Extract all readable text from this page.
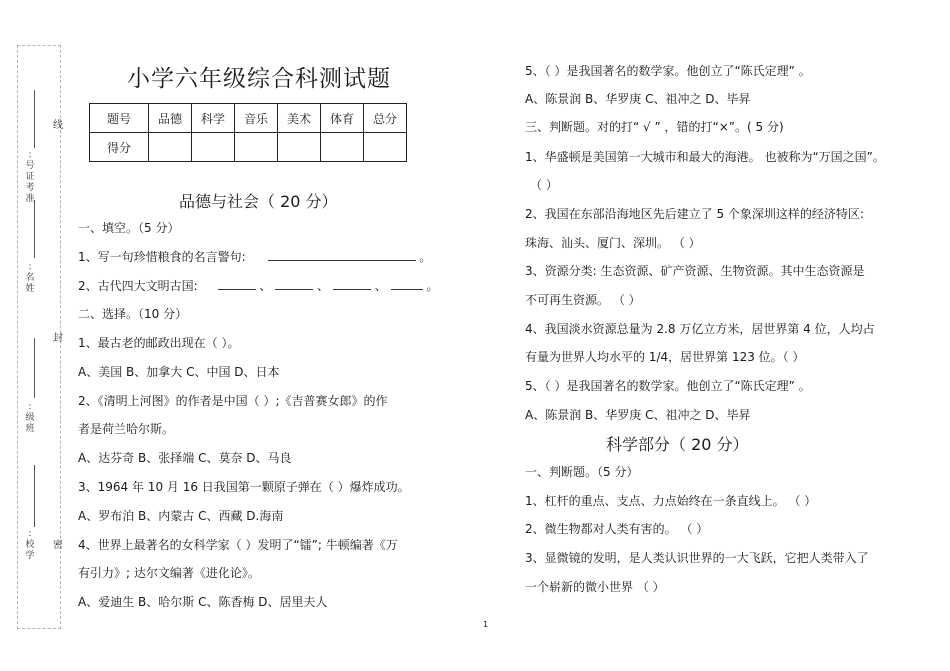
线
封
密
:号证考准
:名姓
:级班
:校学
小学六年级综合科测试题
题号	品德	科学	音乐	美术	体育	总分
得分						
品德与社会（ 20 分）
一、填空。（5 分）
1、写一句珍惜粮食的名言警句:	。
2、古代四大文明古国:	、	、	、	。
二、选择。（10 分）
1、最古老的邮政出现在（ ）。
A、美国 B、加拿大 C、中国 D、日本
2、《清明上河图》的作者是中国（ ）;《吉普赛女郎》的作
者是荷兰哈尔斯。
A、达芬奇 B、张择端 C、莫奈 D、马良
3、1964 年 10 月 16 日我国第一颗原子弹在（ ）爆炸成功。
A、罗布泊 B、内蒙古 C、西藏 D.海南
4、世界上最著名的女科学家（ ）发明了“镭”; 牛顿编著《万
有引力》; 达尔文编著《进化论》。
A、爱迪生 B、哈尔斯 C、陈香梅 D、居里夫人
5、（ ）是我国著名的数学家。他创立了“陈氏定理” 。
A、陈景润 B、华罗庚 C、祖冲之 D、毕昇
三、判断题。对的打“ √ ” ，错的打“×”。( 5 分)
1、华盛顿是美国第一大城市和最大的海港。 也被称为“万国之国”。
（ ）
2、我国在东部沿海地区先后建立了 5 个象深圳这样的经济特区:
珠海、汕头、厦门、深圳。 （ ）
3、资源分类: 生态资源、矿产资源、生物资源。其中生态资源是
不可再生资源。 （ ）
4、我国淡水资源总量为 2.8 万亿立方米，居世界第 4 位，人均占
有量为世界人均水平的 1/4，居世界第 123 位。（ ）
5、（ ）是我国著名的数学家。他创立了“陈氏定理” 。
A、陈景润 B、华罗庚 C、祖冲之 D、毕昇
科学部分（ 20 分）
一、判断题。（5 分）
1、杠杆的重点、支点、力点始终在一条直线上。 （ ）
2、微生物都对人类有害的。 （ ）
3、显微镜的发明，是人类认识世界的一大飞跃，它把人类带入了
一个崭新的微小世界 （ ）
1
